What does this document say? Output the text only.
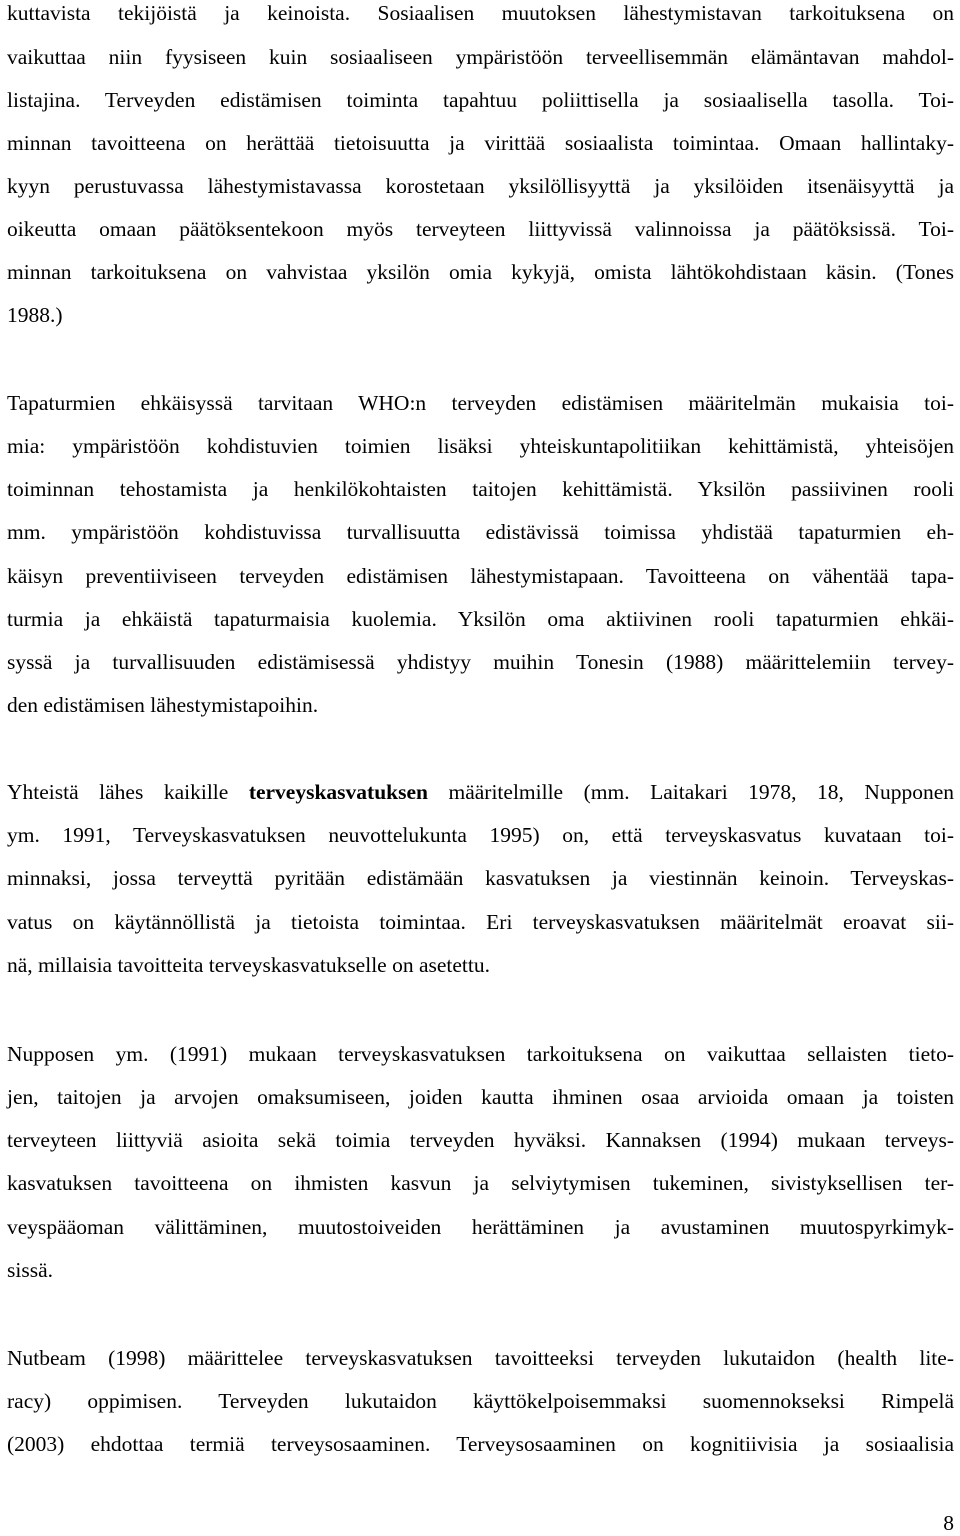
kuttavista tekijöistä ja keinoista. Sosiaalisen muutoksen lähestymistavan tarkoituksena on
vaikuttaa niin fyysiseen kuin sosiaaliseen ympäristöön terveellisemmän elämäntavan mahdol-
listajina. Terveyden edistämisen toiminta tapahtuu poliittisella ja sosiaalisella tasolla. Toi-
minnan tavoitteena on herättää tietoisuutta ja virittää sosiaalista toimintaa. Omaan hallintaky-
kyyn perustuvassa lähestymistavassa korostetaan yksilöllisyyttä ja yksilöiden itsenäisyyttä ja
oikeutta omaan päätöksentekoon myös terveyteen liittyvissä valinnoissa ja päätöksissä. Toi-
minnan tarkoituksena on vahvistaa yksilön omia kykyjä, omista lähtökohdistaan käsin. (Tones
1988.)
Tapaturmien ehkäisyssä tarvitaan WHO:n terveyden edistämisen määritelmän mukaisia toi-
mia: ympäristöön kohdistuvien toimien lisäksi yhteiskuntapolitiikan kehittämistä, yhteisöjen
toiminnan tehostamista ja henkilökohtaisten taitojen kehittämistä. Yksilön passiivinen rooli
mm. ympäristöön kohdistuvissa turvallisuutta edistävissä toimissa yhdistää tapaturmien eh-
käisyn preventiiviseen terveyden edistämisen lähestymistapaan. Tavoitteena on vähentää tapa-
turmia ja ehkäistä tapaturmaisia kuolemia. Yksilön oma aktiivinen rooli tapaturmien ehkäi-
syssä ja turvallisuuden edistämisessä yhdistyy muihin Tonesin (1988) määrittelemiin tervey-
den edistämisen lähestymistapoihin.
Yhteistä lähes kaikille terveyskasvatuksen määritelmille (mm. Laitakari 1978, 18, Nupponen
ym. 1991, Terveyskasvatuksen neuvottelukunta 1995) on, että terveyskasvatus kuvataan toi-
minnaksi, jossa terveyttä pyritään edistämään kasvatuksen ja viestinnän keinoin. Terveyskas-
vatus on käytännöllistä ja tietoista toimintaa. Eri terveyskasvatuksen määritelmät eroavat sii-
nä, millaisia tavoitteita terveyskasvatukselle on asetettu.
Nupposen ym. (1991) mukaan terveyskasvatuksen tarkoituksena on vaikuttaa sellaisten tieto-
jen, taitojen ja arvojen omaksumiseen, joiden kautta ihminen osaa arvioida omaan ja toisten
terveyteen liittyviä asioita sekä toimia terveyden hyväksi. Kannaksen (1994) mukaan terveys-
kasvatuksen tavoitteena on ihmisten kasvun ja selviytymisen tukeminen, sivistyksellisen ter-
veyspääoman välittäminen, muutostoiveiden herättäminen ja avustaminen muutospyrkimyk-
sissä.
Nutbeam (1998) määrittelee terveyskasvatuksen tavoitteeksi terveyden lukutaidon (health lite-
racy) oppimisen. Terveyden lukutaidon käyttökelpoisemmaksi suomennokseksi Rimpelä
(2003) ehdottaa termiä terveysosaaminen. Terveysosaaminen on kognitiivisia ja sosiaalisia
8
